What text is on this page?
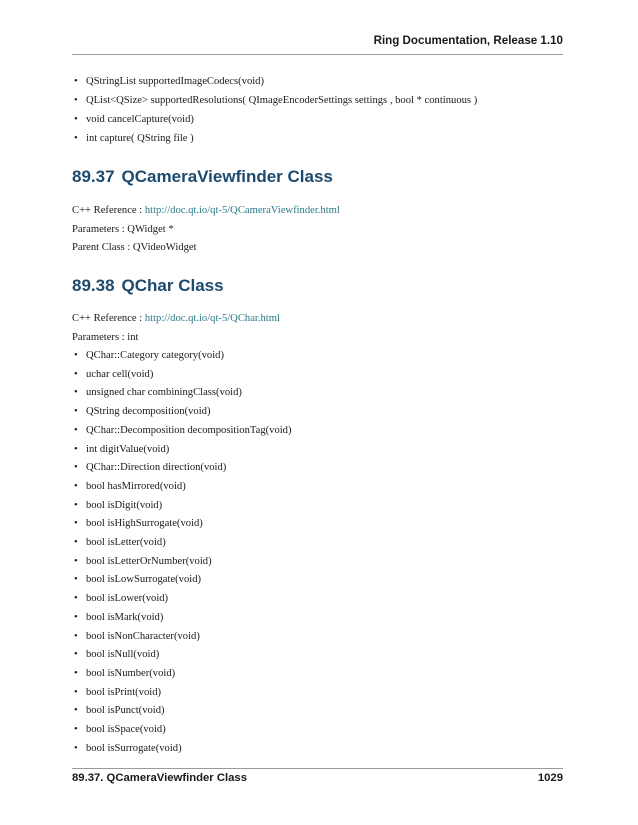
Ring Documentation, Release 1.10
• QStringList supportedImageCodecs(void)
• QList<QSize> supportedResolutions( QImageEncoderSettings settings , bool * continuous )
• void cancelCapture(void)
• int capture( QString file )
89.37 QCameraViewfinder Class
C++ Reference : http://doc.qt.io/qt-5/QCameraViewfinder.html
Parameters : QWidget *
Parent Class : QVideoWidget
89.38 QChar Class
C++ Reference : http://doc.qt.io/qt-5/QChar.html
Parameters : int
• QChar::Category category(void)
• uchar cell(void)
• unsigned char combiningClass(void)
• QString decomposition(void)
• QChar::Decomposition decompositionTag(void)
• int digitValue(void)
• QChar::Direction direction(void)
• bool hasMirrored(void)
• bool isDigit(void)
• bool isHighSurrogate(void)
• bool isLetter(void)
• bool isLetterOrNumber(void)
• bool isLowSurrogate(void)
• bool isLower(void)
• bool isMark(void)
• bool isNonCharacter(void)
• bool isNull(void)
• bool isNumber(void)
• bool isPrint(void)
• bool isPunct(void)
• bool isSpace(void)
• bool isSurrogate(void)
89.37. QCameraViewfinder Class	1029
